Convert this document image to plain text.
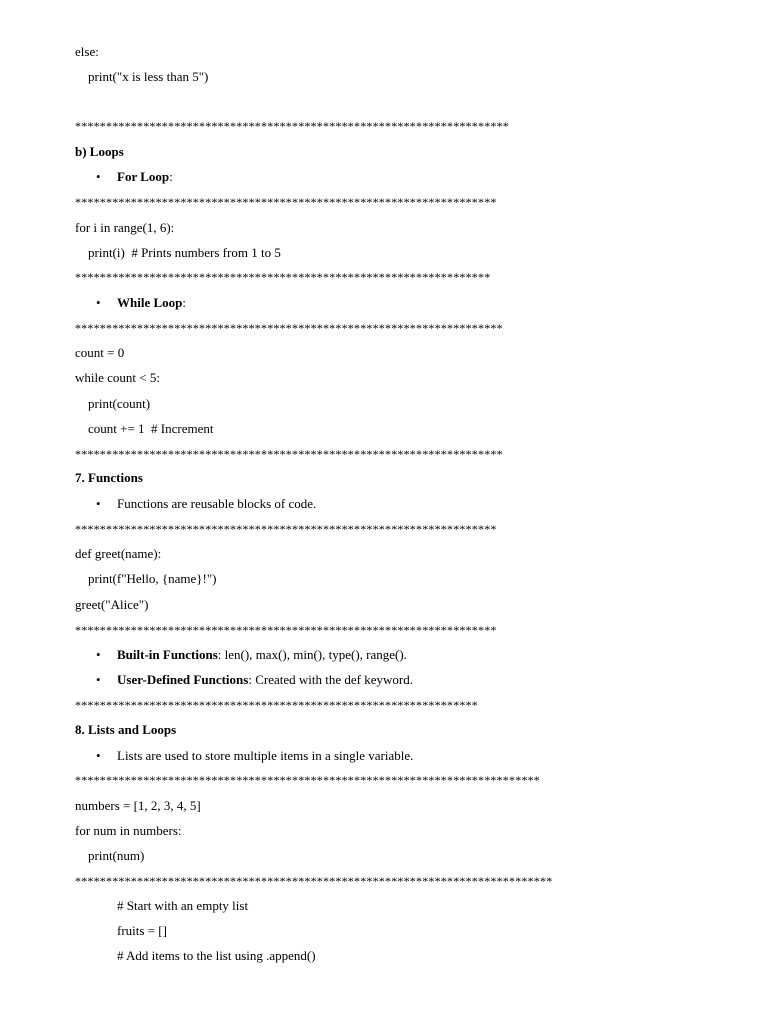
else:
print("x is less than 5")
**********************************************************************
b) Loops
• For Loop:
********************************************************************
for i in range(1, 6):
print(i)  # Prints numbers from 1 to 5
*******************************************************************
• While Loop:
*********************************************************************
count = 0
while count < 5:
print(count)
count += 1  # Increment
*********************************************************************
7. Functions
• Functions are reusable blocks of code.
********************************************************************
def greet(name):
print(f"Hello, {name}!")
greet("Alice")
********************************************************************
• Built-in Functions: len(), max(), min(), type(), range().
• User-Defined Functions: Created with the def keyword.
*****************************************************************
8. Lists and Loops
• Lists are used to store multiple items in a single variable.
***************************************************************************
numbers = [1, 2, 3, 4, 5]
for num in numbers:
print(num)
*****************************************************************************
# Start with an empty list
fruits = []
# Add items to the list using .append()
